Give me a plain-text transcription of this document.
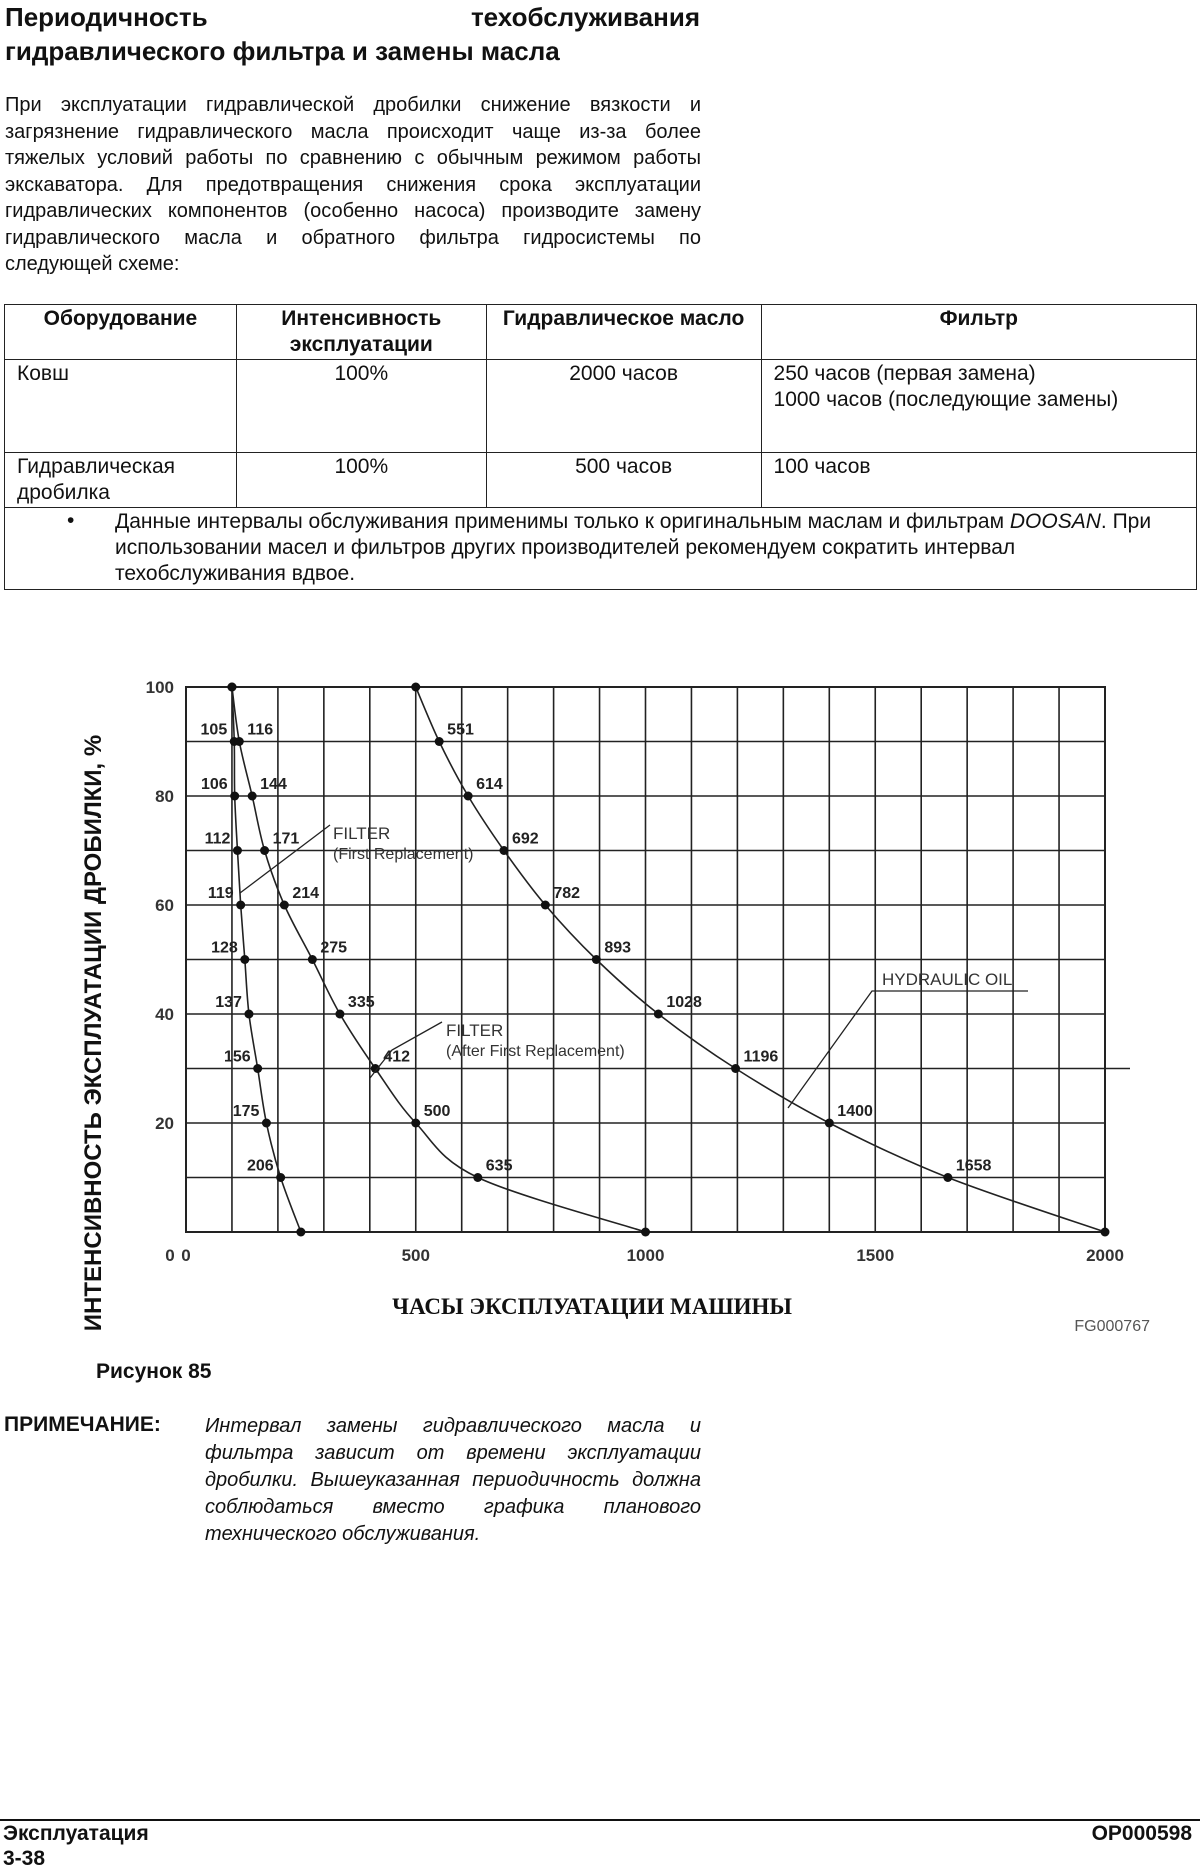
Периодичность	техобслуживания
гидравлического фильтра и замены масла
При эксплуатации гидравлической дробилки снижение вязкости и загрязнение гидравлического масла происходит чаще из-за более тяжелых условий работы по сравнению с обычным режимом работы экскаватора. Для предотвращения снижения срока эксплуатации гидравлических компонентов (особенно насоса) производите замену гидравлического масла и обратного фильтра гидросистемы по следующей схеме:
Оборудование	Интенсивность эксплуатации	Гидравлическое масло	Фильтр
Ковш	100%	2000 часов	250 часов (первая замена)
1000 часов (последующие замены)

Гидравлическая дробилка	100%	500 часов	100 часов

• Данные интервалы обслуживания применимы только к оригинальным маслам и фильтрам DOOSAN. При использовании масел и фильтров других производителей рекомендуем сократить интервал техобслуживания вдвое.			
0	500	1000	1500	2000
0
100
80
60
40
20
105
106
112
119
128
137
156
175
206
116
144
171
214
275
335
412
500
635
551
614
692
782
893
1028
1196
1400
1658
FILTER
(First Replacement)
FILTER
(After First Replacement)
HYDRAULIC OIL
ИНТЕНСИВНОСТЬ ЭКСПЛУАТАЦИИ ДРОБИЛКИ, %	ЧАСЫ ЭКСПЛУАТАЦИИ МАШИНЫ
FG000767
Рисунок 85
ПРИМЕЧАНИЕ: Интервал замены гидравлического масла и фильтра зависит от времени эксплуатации дробилки. Вышеуказанная периодичность должна соблюдаться вместо графика планового технического обслуживания.
Эксплуатация
3-38
OP000598
